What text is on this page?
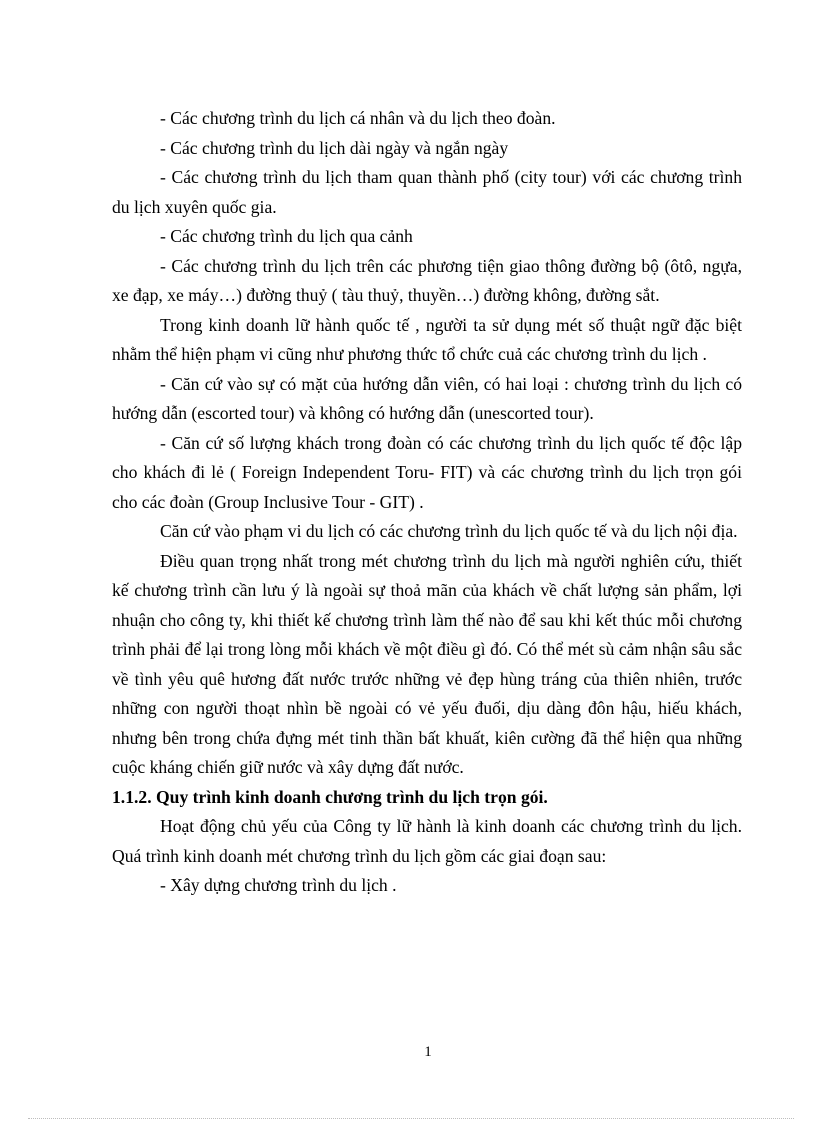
- Các chương trình du lịch cá nhân và du lịch theo đoàn.

- Các chương trình du lịch dài ngày và ngắn ngày

- Các chương trình du lịch tham quan thành phố (city tour) với các chương trình du lịch xuyên quốc gia.

- Các chương trình du lịch qua cảnh

- Các chương trình du lịch trên các phương tiện giao thông đường bộ (ôtô, ngựa, xe đạp, xe máy…) đường thuỷ ( tàu thuỷ, thuyền…) đường không, đường sắt.

Trong kinh doanh lữ hành quốc tế , người ta sử dụng mét số thuật ngữ đặc biệt nhằm thể hiện phạm vi cũng như phương thức tổ chức cuả các chương trình du lịch .

- Căn cứ vào sự có mặt của hướng dẫn viên, có hai loại : chương trình du lịch có hướng dẫn (escorted tour) và không có hướng dẫn (unescorted tour).

- Căn cứ số lượng khách trong đoàn có các chương trình du lịch quốc tế độc lập cho khách đi lẻ ( Foreign Independent Toru- FIT) và các chương trình du lịch trọn gói cho các đoàn (Group Inclusive Tour - GIT) .

Căn cứ vào phạm vi du lịch có các chương trình du lịch quốc tế và du lịch nội địa.

Điều quan trọng nhất trong mét chương trình du lịch mà người nghiên cứu, thiết kế chương trình cần lưu ý là ngoài sự thoả mãn của khách về chất lượng sản phẩm, lợi nhuận cho công ty, khi thiết kế chương trình làm thế nào để sau khi kết thúc mỗi chương trình phải để lại trong lòng mỗi khách về một điều gì đó. Có thể mét sù cảm nhận sâu sắc về tình yêu quê hương đất nước trước những vẻ đẹp hùng tráng của thiên nhiên, trước những con người thoạt nhìn bề ngoài có vẻ yếu đuối, dịu dàng đôn hậu, hiếu khách, nhưng bên trong chứa đựng mét tinh thần bất khuất, kiên cường đã thể hiện qua những cuộc kháng chiến giữ nước và xây dựng đất nước.

1.1.2. Quy trình kinh doanh chương trình du lịch trọn gói.

Hoạt động chủ yếu của Công ty lữ hành là kinh doanh các chương trình du lịch. Quá trình kinh doanh mét chương trình du lịch gồm các giai đoạn sau:

- Xây dựng chương trình du lịch .

1
